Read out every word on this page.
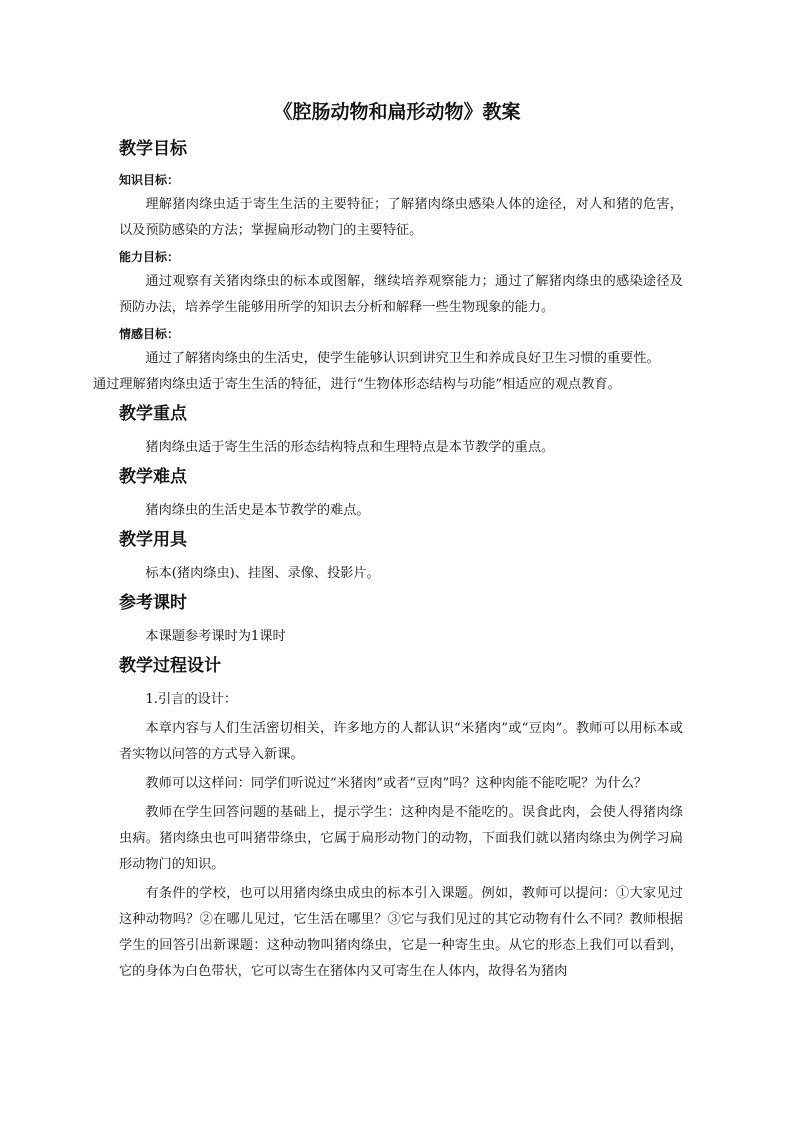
《腔肠动物和扁形动物》教案
教学目标
知识目标：

理解猪肉绦虫适于寄生生活的主要特征；了解猪肉绦虫感染人体的途径，对人和猪的危害，以及预防感染的方法；掌握扁形动物门的主要特征。

能力目标：

通过观察有关猪肉绦虫的标本或图解，继续培养观察能力；通过了解猪肉绦虫的感染途径及预防办法，培养学生能够用所学的知识去分析和解释一些生物现象的能力。

情感目标：

通过了解猪肉绦虫的生活史，使学生能够认识到讲究卫生和养成良好卫生习惯的重要性。

通过理解猪肉绦虫适于寄生生活的特征，进行“生物体形态结构与功能”相适应的观点教育。

教学重点

猪肉绦虫适于寄生生活的形态结构特点和生理特点是本节教学的重点。

教学难点

猪肉绦虫的生活史是本节教学的难点。

教学用具

标本(猪肉绦虫)、挂图、录像、投影片。

参考课时

本课题参考课时为1课时

教学过程设计

1.引言的设计：

本章内容与人们生活密切相关，许多地方的人都认识“米猪肉”或“豆肉”。教师可以用标本或者实物以问答的方式导入新课。

教师可以这样问：同学们听说过“米猪肉”或者“豆肉”吗？这种肉能不能吃呢？为什么？

教师在学生回答问题的基础上，提示学生：这种肉是不能吃的。误食此肉，会使人得猪肉绦虫病。猪肉绦虫也可叫猪带绦虫，它属于扁形动物门的动物，下面我们就以猪肉绦虫为例学习扁形动物门的知识。

有条件的学校，也可以用猪肉绦虫成虫的标本引入课题。例如，教师可以提问：①大家见过这种动物吗？②在哪儿见过，它生活在哪里？③它与我们见过的其它动物有什么不同？教师根据学生的回答引出新课题：这种动物叫猪肉绦虫，它是一种寄生虫。从它的形态上我们可以看到，它的身体为白色带状，它可以寄生在猪体内又可寄生在人体内，故得名为猪肉
